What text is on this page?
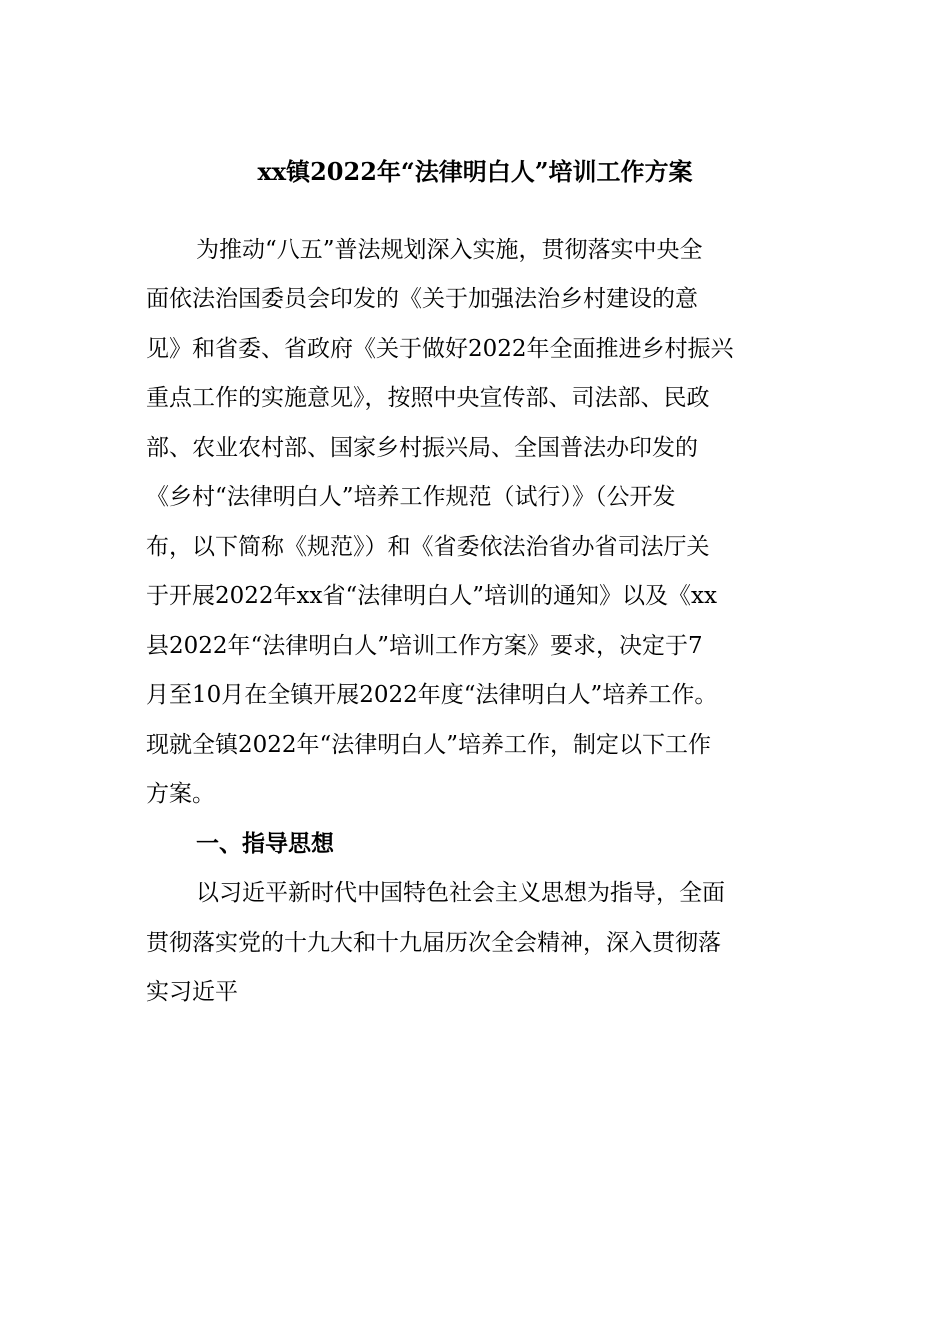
xx镇2022年“法律明白人”培训工作方案
为推动“八五”普法规划深入实施，贯彻落实中央全
面依法治国委员会印发的《关于加强法治乡村建设的意
见》和省委、省政府《关于做好2022年全面推进乡村振兴
重点工作的实施意见》，按照中央宣传部、司法部、民政
部、农业农村部、国家乡村振兴局、全国普法办印发的
《乡村“法律明白人”培养工作规范（试行）》（公开发
布，以下简称《规范》）和《省委依法治省办省司法厅关
于开展2022年xx省“法律明白人”培训的通知》以及《xx
县2022年“法律明白人”培训工作方案》要求，决定于7
月至10月在全镇开展2022年度“法律明白人”培养工作。
现就全镇2022年“法律明白人”培养工作，制定以下工作
方案。
一、指导思想
以习近平新时代中国特色社会主义思想为指导，全面
贯彻落实党的十九大和十九届历次全会精神，深入贯彻落
实习近平
